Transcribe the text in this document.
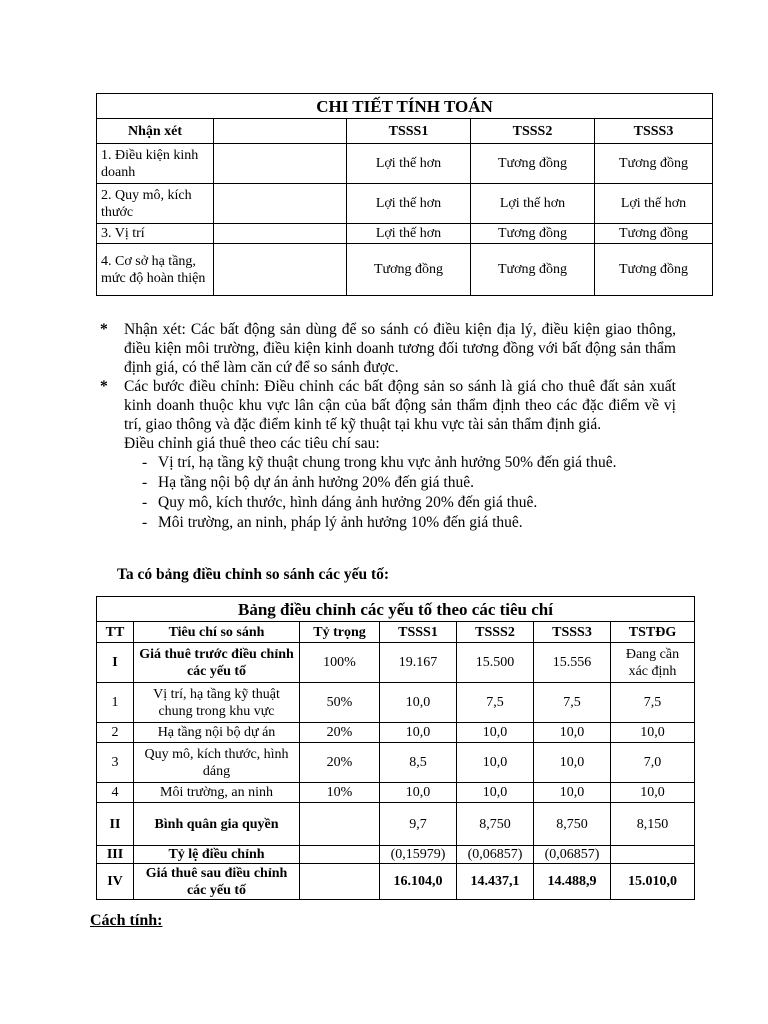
CHI TIẾT TÍNH TOÁN				
Nhận xét		TSSS1	TSSS2	TSSS3
1. Điều kiện kinh doanh		Lợi thế hơn	Tương đồng	Tương đồng
2. Quy mô, kích thước		Lợi thế hơn	Lợi thế hơn	Lợi thế hơn
3. Vị trí		Lợi thế hơn	Tương đồng	Tương đồng
4. Cơ sở hạ tầng, mức độ hoàn thiện		Tương đồng	Tương đồng	Tương đồng
* Nhận xét: Các bất động sản dùng để so sánh có điều kiện địa lý, điều kiện giao thông, điều kiện môi trường, điều kiện kinh doanh tương đối tương đồng với bất động sản thẩm định giá, có thể làm căn cứ để so sánh được.
* Các bước điều chỉnh: Điều chỉnh các bất động sản so sánh là giá cho thuê đất sản xuất kinh doanh thuộc khu vực lân cận của bất động sản thẩm định theo các đặc điểm về vị trí, giao thông và đặc điểm kinh tế kỹ thuật tại khu vực tài sản thẩm định giá.
Điều chỉnh giá thuê theo các tiêu chí sau:
- Vị trí, hạ tầng kỹ thuật chung trong khu vực ảnh hưởng 50% đến giá thuê.
- Hạ tầng nội bộ dự án ảnh hưởng 20% đến giá thuê.
- Quy mô, kích thước, hình dáng ảnh hưởng 20% đến giá thuê.
- Môi trường, an ninh, pháp lý ảnh hưởng 10% đến giá thuê.
Ta có bảng điều chỉnh so sánh các yếu tố:
Bảng điều chỉnh các yếu tố theo các tiêu chí						
TT	Tiêu chí so sánh	Tỷ trọng	TSSS1	TSSS2	TSSS3	TSTĐG
I	Giá thuê trước điều chỉnh các yếu tố	100%	19.167	15.500	15.556	Đang cần xác định
1	Vị trí, hạ tầng kỹ thuật chung trong khu vực	50%	10,0	7,5	7,5	7,5
2	Hạ tầng nội bộ dự án	20%	10,0	10,0	10,0	10,0
3	Quy mô, kích thước, hình dáng	20%	8,5	10,0	10,0	7,0
4	Môi trường, an ninh	10%	10,0	10,0	10,0	10,0
II	Bình quân gia quyền		9,7	8,750	8,750	8,150
III	Tỷ lệ điều chỉnh		(0,15979)	(0,06857)	(0,06857)	
IV	Giá thuê sau điều chỉnh các yếu tố		16.104,0	14.437,1	14.488,9	15.010,0
Cách tính:
